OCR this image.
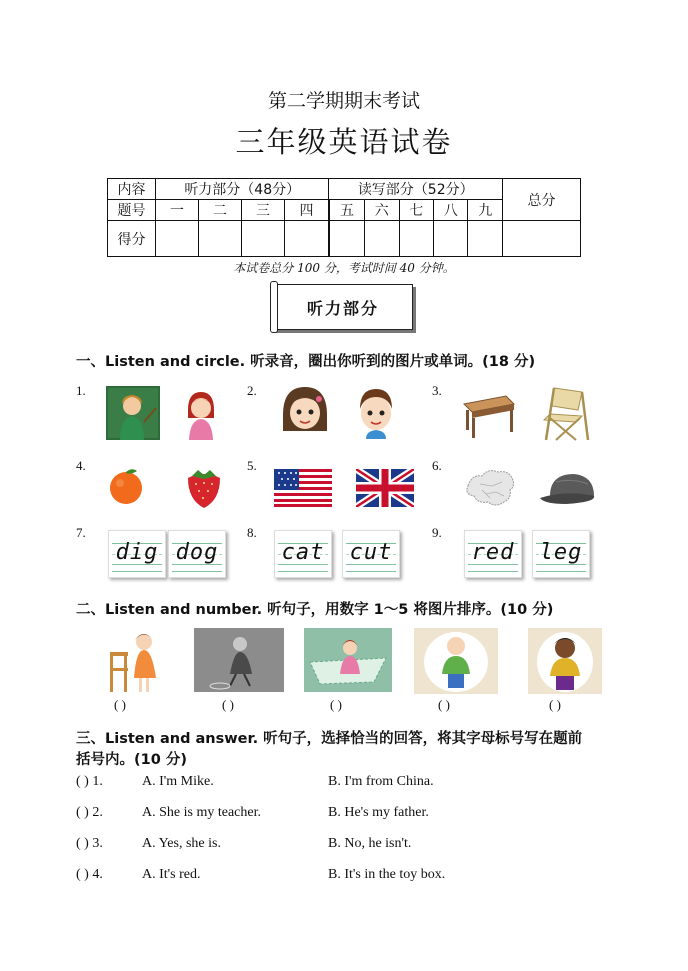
第二学期期末考试
三年级英语试卷
内容	听力部分（48分）				读写部分（52分）					总分
题号	一	二	三	四	五	六	七	八	九	
得分										
本试卷总分 100 分，考试时间 40 分钟。
听力部分
一、Listen and circle. 听录音，圈出你听到的图片或单词。(18 分)
1.	2.	3.
4.	5.	6.
7.	8.	9.
dig dog	cat	cut	red	leg
二、Listen and number. 听句子，用数字 1～5 将图片排序。(10 分)
( )	( )	( )	( )	( )
三、Listen and answer. 听句子，选择恰当的回答，将其字母标号写在题前
括号内。(10 分)
( ) 1.	A. I'm Mike.	B. I'm from China.
( ) 2.	A. She is my teacher.	B. He's my father.
( ) 3.	A. Yes, she is.	B. No, he isn't.
( ) 4.	A. It's red.	B. It's in the toy box.
